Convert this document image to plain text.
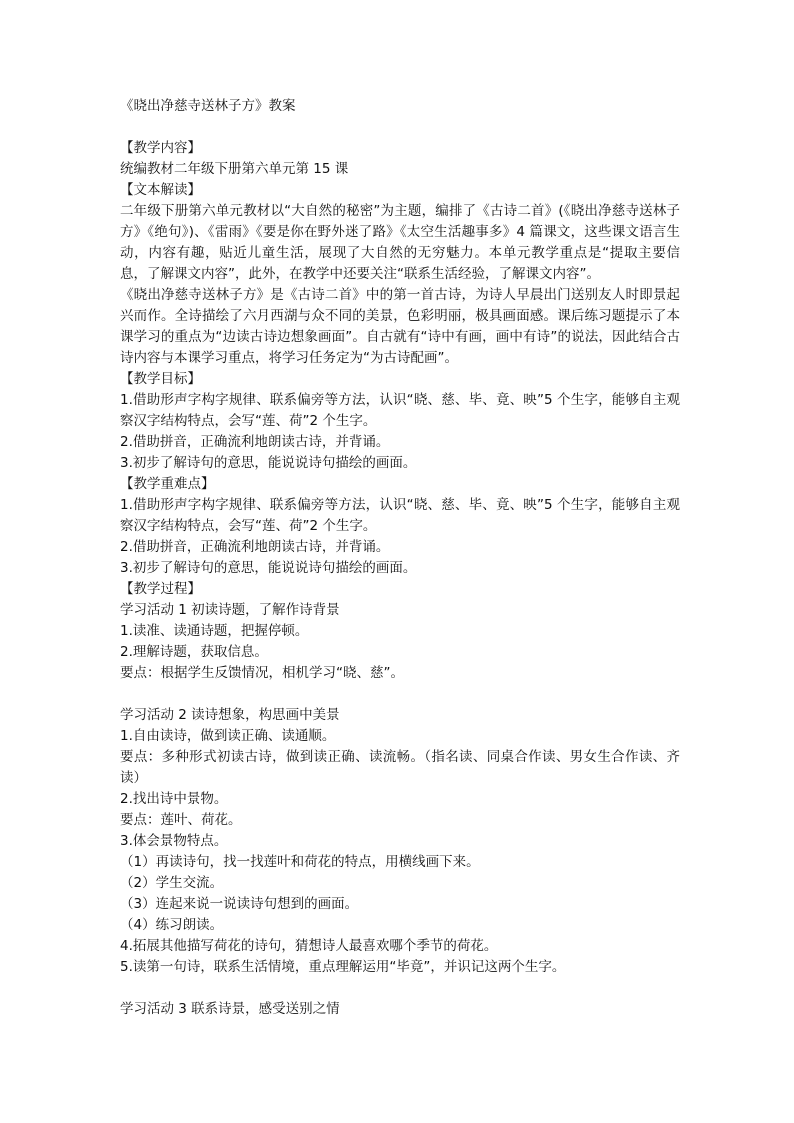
《晓出净慈寺送林子方》教案

【教学内容】

统编教材二年级下册第六单元第 15 课

【文本解读】

二年级下册第六单元教材以“大自然的秘密”为主题，编排了《古诗二首》(《晓出净慈寺送林子方》《绝句》)、《雷雨》《要是你在野外迷了路》《太空生活趣事多》4 篇课文，这些课文语言生动，内容有趣，贴近儿童生活，展现了大自然的无穷魅力。本单元教学重点是“提取主要信息，了解课文内容”，此外，在教学中还要关注“联系生活经验，了解课文内容”。

《晓出净慈寺送林子方》是《古诗二首》中的第一首古诗，为诗人早晨出门送别友人时即景起兴而作。全诗描绘了六月西湖与众不同的美景，色彩明丽，极具画面感。课后练习题提示了本课学习的重点为“边读古诗边想象画面”。自古就有“诗中有画，画中有诗”的说法，因此结合古诗内容与本课学习重点，将学习任务定为“为古诗配画”。

【教学目标】

1.借助形声字构字规律、联系偏旁等方法，认识“晓、慈、毕、竟、映”5 个生字，能够自主观察汉字结构特点，会写“莲、荷”2 个生字。

2.借助拼音，正确流利地朗读古诗，并背诵。

3.初步了解诗句的意思，能说说诗句描绘的画面。

【教学重难点】

1.借助形声字构字规律、联系偏旁等方法，认识“晓、慈、毕、竟、映”5 个生字，能够自主观察汉字结构特点，会写“莲、荷”2 个生字。

2.借助拼音，正确流利地朗读古诗，并背诵。

3.初步了解诗句的意思，能说说诗句描绘的画面。

【教学过程】

学习活动 1 初读诗题，了解作诗背景

1.读准、读通诗题，把握停顿。

2.理解诗题，获取信息。

要点：根据学生反馈情况，相机学习“晓、慈”。

学习活动 2 读诗想象，构思画中美景

1.自由读诗，做到读正确、读通顺。

要点：多种形式初读古诗，做到读正确、读流畅。（指名读、同桌合作读、男女生合作读、齐读）

2.找出诗中景物。

要点：莲叶、荷花。

3.体会景物特点。

（1）再读诗句，找一找莲叶和荷花的特点，用横线画下来。

（2）学生交流。

（3）连起来说一说读诗句想到的画面。

（4）练习朗读。

4.拓展其他描写荷花的诗句，猜想诗人最喜欢哪个季节的荷花。

5.读第一句诗，联系生活情境，重点理解运用“毕竟”，并识记这两个生字。

学习活动 3 联系诗景，感受送别之情
